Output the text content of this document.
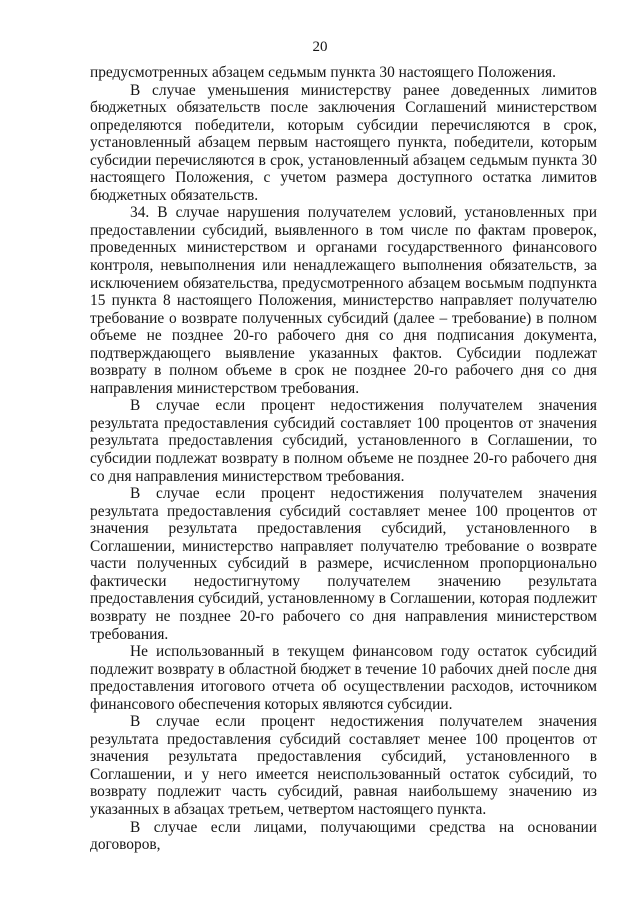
20

предусмотренных абзацем седьмым пункта 30 настоящего Положения.

В случае уменьшения министерству ранее доведенных лимитов бюджетных обязательств после заключения Соглашений министерством определяются победители, которым субсидии перечисляются в срок, установленный абзацем первым настоящего пункта, победители, которым субсидии перечисляются в срок, установленный абзацем седьмым пункта 30 настоящего Положения, с учетом размера доступного остатка лимитов бюджетных обязательств.

34. В случае нарушения получателем условий, установленных при предоставлении субсидий, выявленного в том числе по фактам проверок, проведенных министерством и органами государственного финансового контроля, невыполнения или ненадлежащего выполнения обязательств, за исключением обязательства, предусмотренного абзацем восьмым подпункта 15 пункта 8 настоящего Положения, министерство направляет получателю требование о возврате полученных субсидий (далее – требование) в полном объеме не позднее 20-го рабочего дня со дня подписания документа, подтверждающего выявление указанных фактов. Субсидии подлежат возврату в полном объеме в срок не позднее 20-го рабочего дня со дня направления министерством требования.

В случае если процент недостижения получателем значения результата предоставления субсидий составляет 100 процентов от значения результата предоставления субсидий, установленного в Соглашении, то субсидии подлежат возврату в полном объеме не позднее 20-го рабочего дня со дня направления министерством требования.

В случае если процент недостижения получателем значения результата предоставления субсидий составляет менее 100 процентов от значения результата предоставления субсидий, установленного в Соглашении, министерство направляет получателю требование о возврате части полученных субсидий в размере, исчисленном пропорционально фактически недостигнутому получателем значению результата предоставления субсидий, установленному в Соглашении, которая подлежит возврату не позднее 20-го рабочего со дня направления министерством требования.

Не использованный в текущем финансовом году остаток субсидий подлежит возврату в областной бюджет в течение 10 рабочих дней после дня предоставления итогового отчета об осуществлении расходов, источником финансового обеспечения которых являются субсидии.

В случае если процент недостижения получателем значения результата предоставления субсидий составляет менее 100 процентов от значения результата предоставления субсидий, установленного в Соглашении, и у него имеется неиспользованный остаток субсидий, то возврату подлежит часть субсидий, равная наибольшему значению из указанных в абзацах третьем, четвертом настоящего пункта.

В случае если лицами, получающими средства на основании договоров,
